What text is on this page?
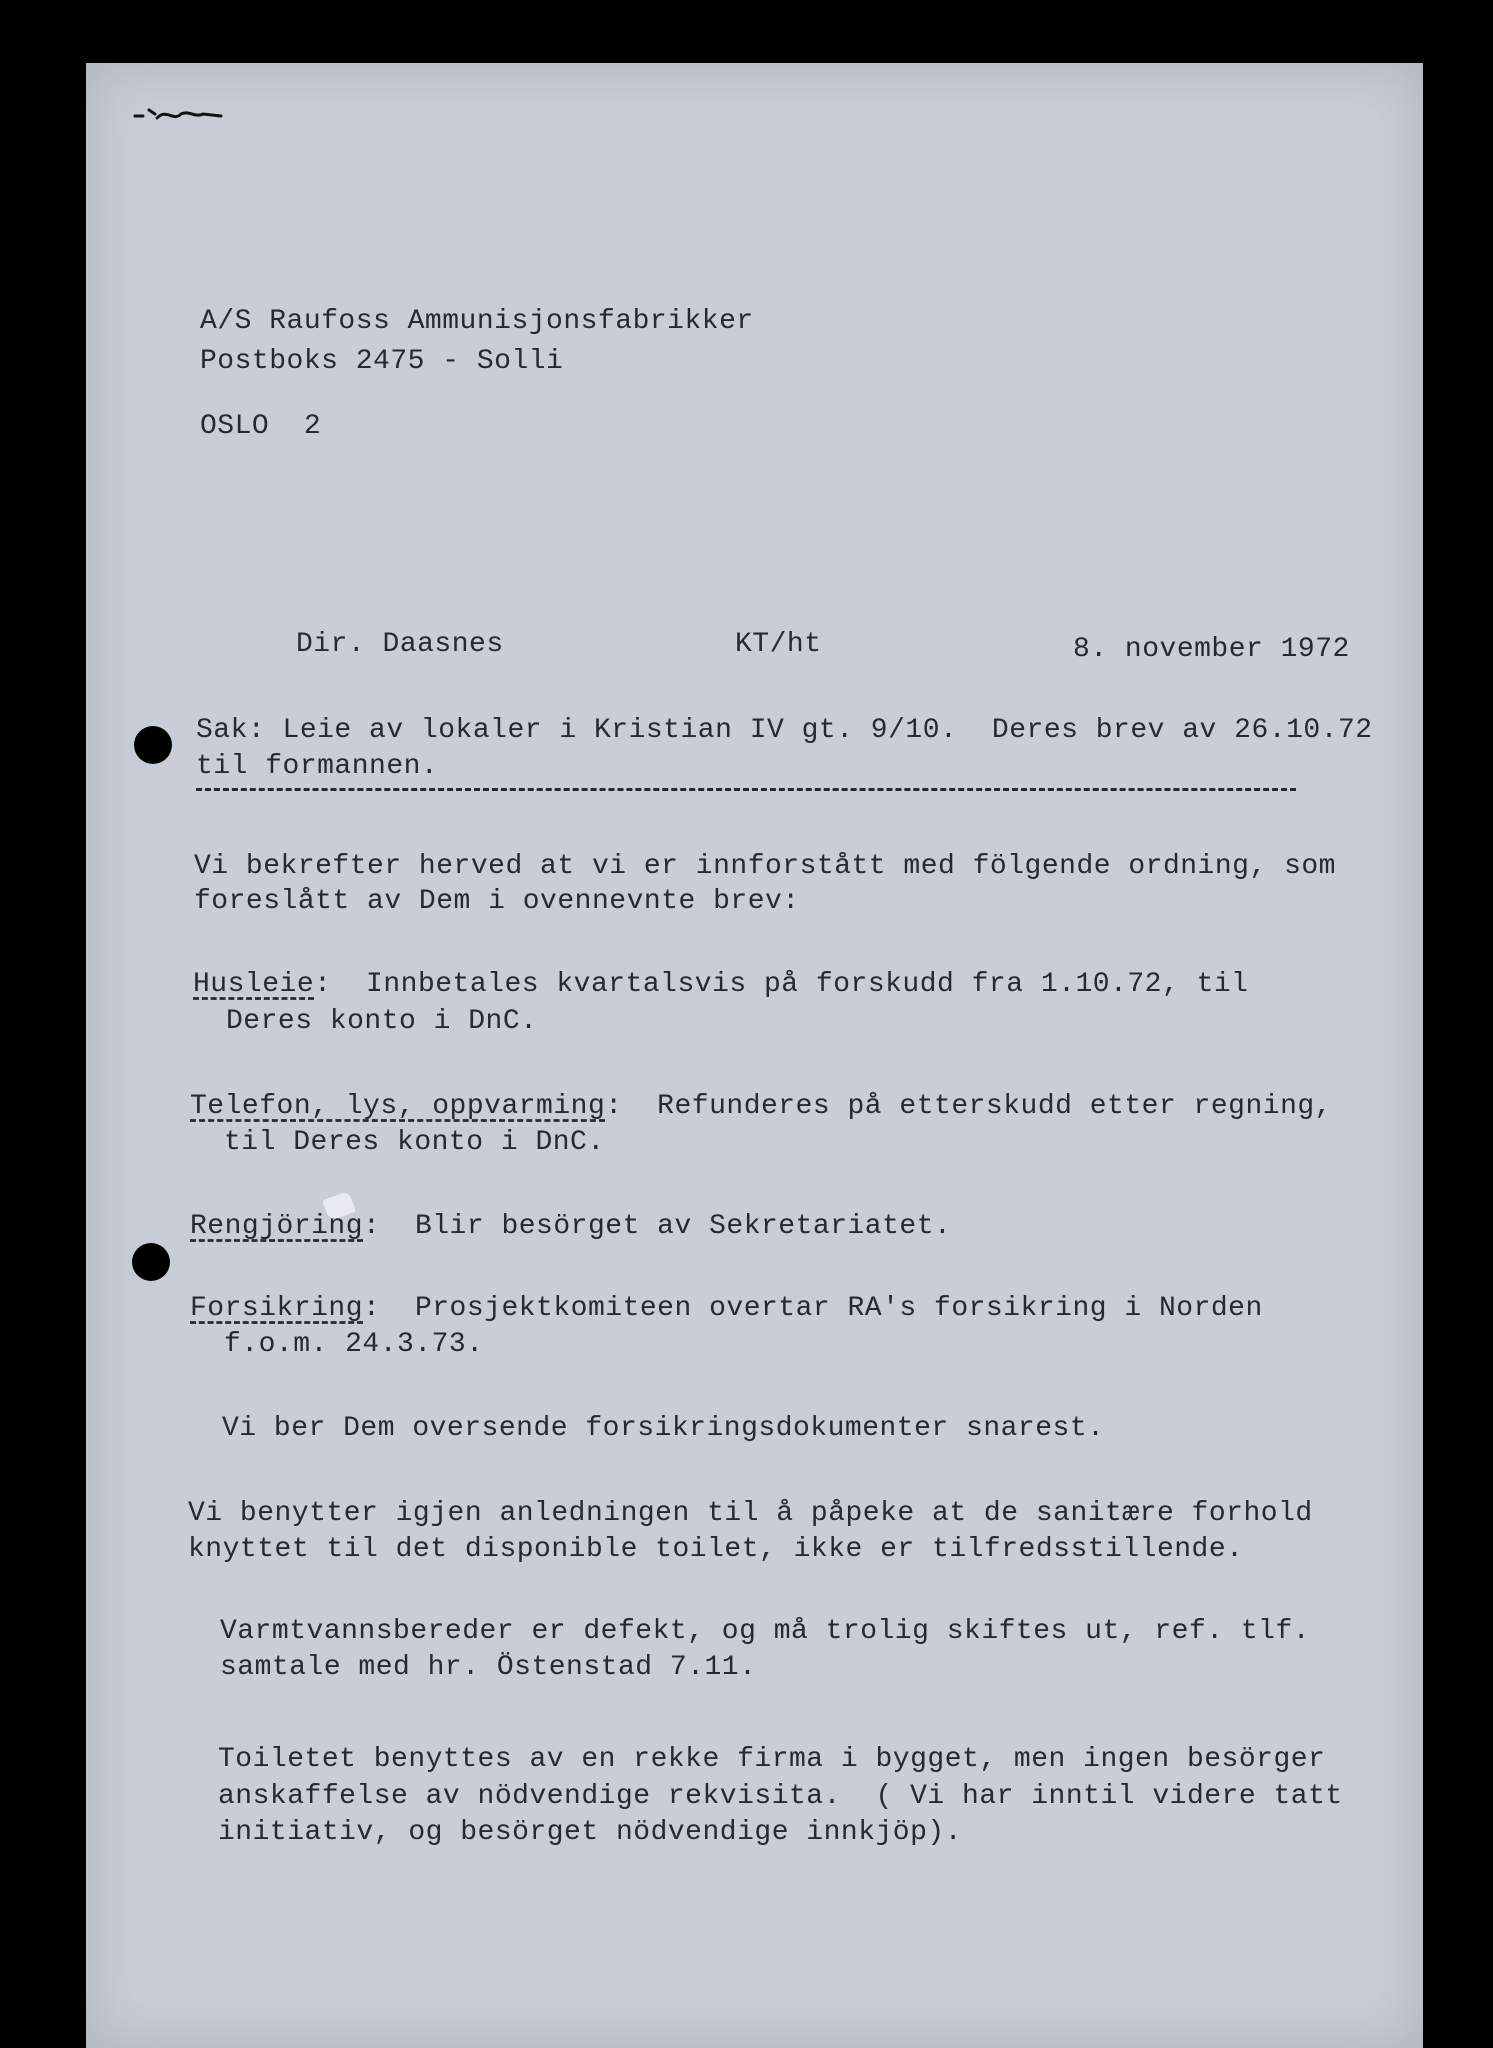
A/S Raufoss Ammunisjonsfabrikker
Postboks 2475 - Solli
OSLO  2
Dir. Daasnes	KT/ht	8. november 1972
Sak: Leie av lokaler i Kristian IV gt. 9/10.  Deres brev av 26.10.72
til formannen.
Vi bekrefter herved at vi er innforstått med fölgende ordning, som
foreslått av Dem i ovennevnte brev:
Husleie:  Innbetales kvartalsvis på forskudd fra 1.10.72, til
Deres konto i DnC.
Telefon, lys, oppvarming:  Refunderes på etterskudd etter regning,
til Deres konto i DnC.
Rengjöring:  Blir besörget av Sekretariatet.
Forsikring:  Prosjektkomiteen overtar RA's forsikring i Norden
f.o.m. 24.3.73.
Vi ber Dem oversende forsikringsdokumenter snarest.
Vi benytter igjen anledningen til å påpeke at de sanitære forhold
knyttet til det disponible toilet, ikke er tilfredsstillende.
Varmtvannsbereder er defekt, og må trolig skiftes ut, ref. tlf.
samtale med hr. Östenstad 7.11.
Toiletet benyttes av en rekke firma i bygget, men ingen besörger
anskaffelse av nödvendige rekvisita.  ( Vi har inntil videre tatt
initiativ, og besörget nödvendige innkjöp).
